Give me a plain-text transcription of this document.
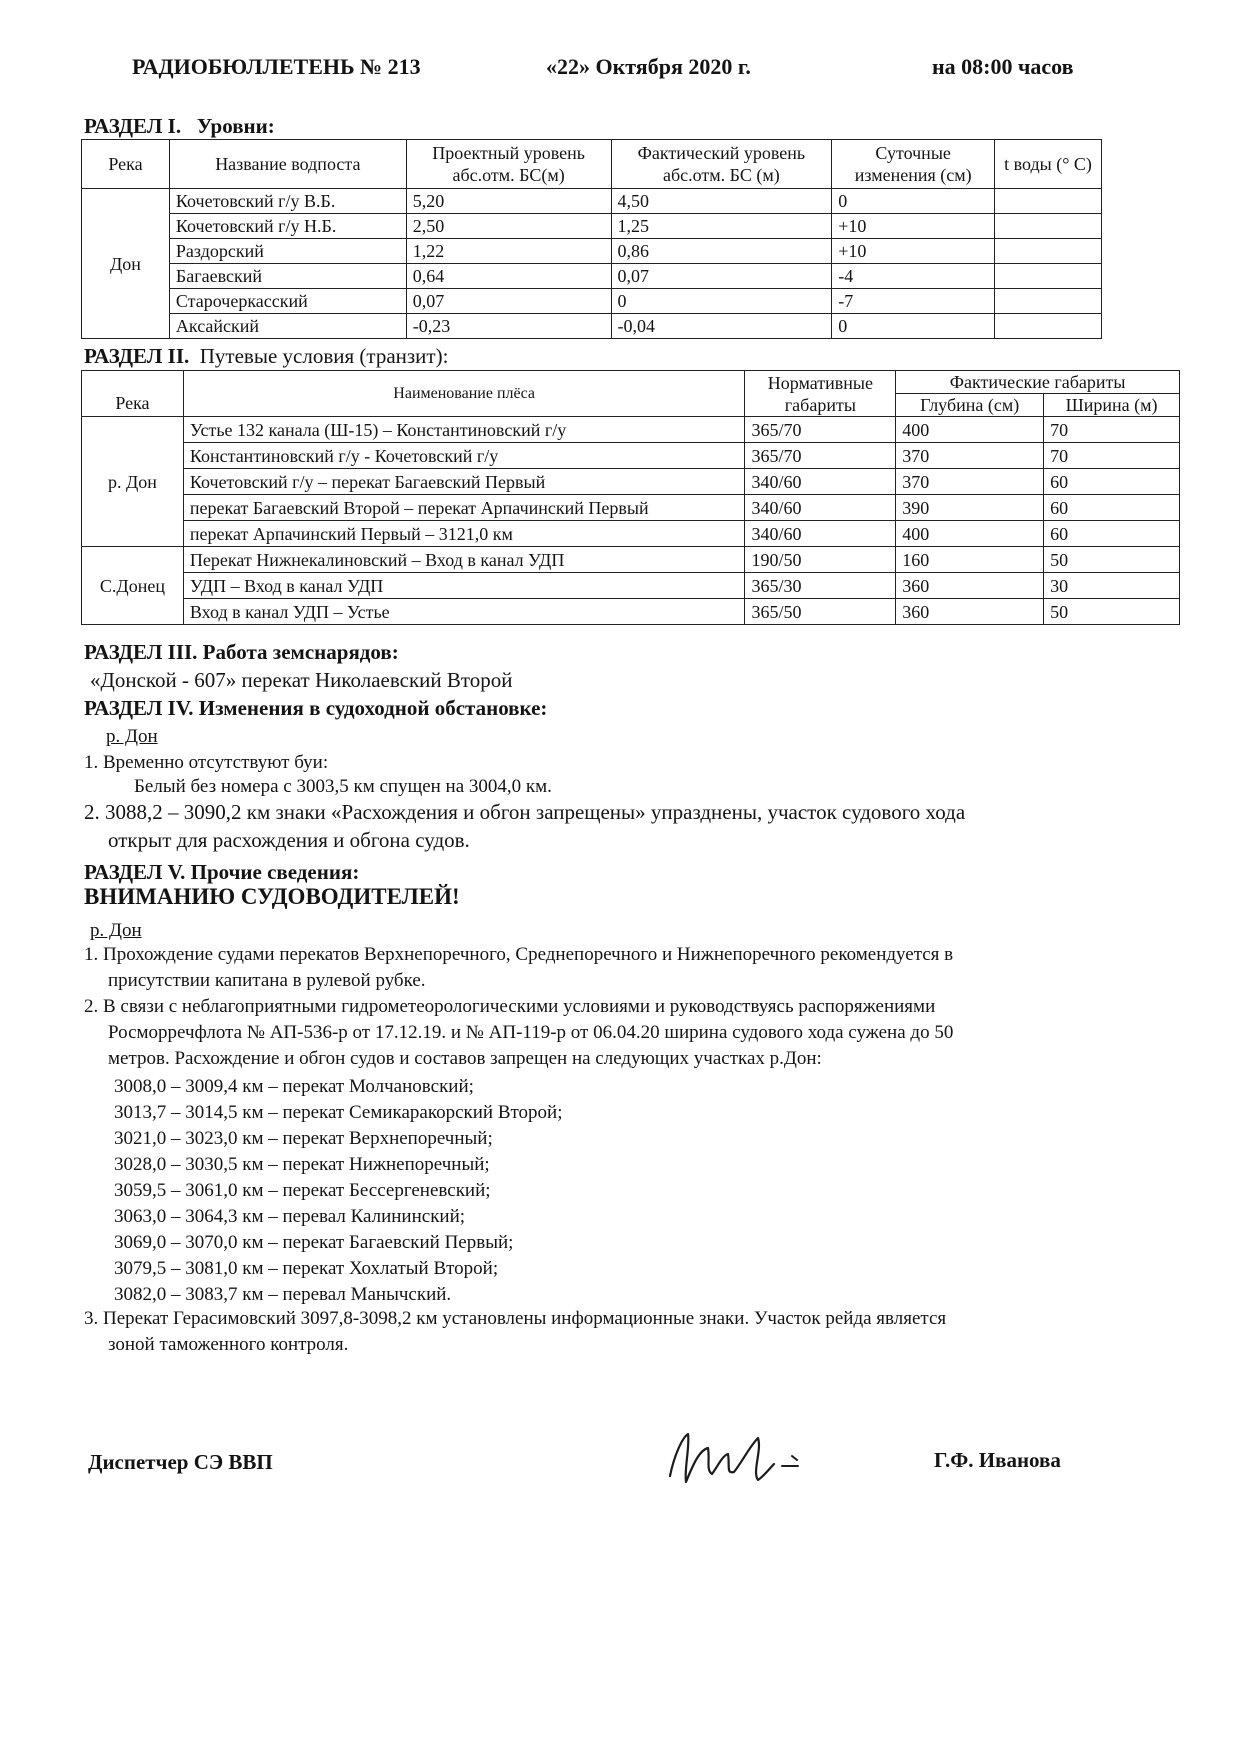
РАДИОБЮЛЛЕТЕНЬ № 213	«22» Октября 2020 г.	на 08:00 часов
РАЗДЕЛ I. Уровни:
Река	Название водпоста	Проектный уровень абс.отм. БС(м)	Фактический уровень абс.отм. БС (м)	Суточные изменения (см)	t воды (° С)
Дон	Кочетовский г/у В.Б.	5,20	4,50	0	
	Кочетовский г/у Н.Б.	2,50	1,25	+10	
	Раздорский	1,22	0,86	+10	
	Багаевский	0,64	0,07	-4	
	Старочеркасский	0,07	0	-7	
	Аксайский	-0,23	-0,04	0	
РАЗДЕЛ II. Путевые условия (транзит):
Река	Наименование плёса	Нормативные габариты	Фактические габариты	
			Глубина (см)	Ширина (м)
р. Дон	Устье 132 канала (Ш-15) – Константиновский г/у	365/70	400	70
	Константиновский г/у - Кочетовский г/у	365/70	370	70
	Кочетовский г/у – перекат Багаевский Первый	340/60	370	60
	перекат Багаевский Второй – перекат Арпачинский Первый	340/60	390	60
	перекат Арпачинский Первый – 3121,0 км	340/60	400	60
С.Донец	Перекат Нижнекалиновский – Вход в канал УДП	190/50	160	50
	УДП – Вход в канал УДП	365/30	360	30
	Вход в канал УДП – Устье	365/50	360	50
РАЗДЕЛ III. Работа земснарядов:
«Донской - 607» перекат Николаевский Второй
РАЗДЕЛ IV. Изменения в судоходной обстановке:
р. Дон
1. Временно отсутствуют буи:
Белый без номера с 3003,5 км спущен на 3004,0 км.
2. 3088,2 – 3090,2 км знаки «Расхождения и обгон запрещены» упразднены, участок судового хода
открыт для расхождения и обгона судов.
РАЗДЕЛ V. Прочие сведения:
ВНИМАНИЮ СУДОВОДИТЕЛЕЙ!
р. Дон
1. Прохождение судами перекатов Верхнепоречного, Среднепоречного и Нижнепоречного рекомендуется в
присутствии капитана в рулевой рубке.
2. В связи с неблагоприятными гидрометеорологическими условиями и руководствуясь распоряжениями
Росморречфлота № АП-536-р от 17.12.19. и № АП-119-р от 06.04.20 ширина судового хода сужена до 50
метров. Расхождение и обгон судов и составов запрещен на следующих участках р.Дон:
3008,0 – 3009,4 км – перекат Молчановский;
3013,7 – 3014,5 км – перекат Семикаракорский Второй;
3021,0 – 3023,0 км – перекат Верхнепоречный;
3028,0 – 3030,5 км – перекат Нижнепоречный;
3059,5 – 3061,0 км – перекат Бессергеневский;
3063,0 – 3064,3 км – перевал Калининский;
3069,0 – 3070,0 км – перекат Багаевский Первый;
3079,5 – 3081,0 км – перекат Хохлатый Второй;
3082,0 – 3083,7 км – перевал Манычский.
3. Перекат Герасимовский 3097,8-3098,2 км установлены информационные знаки. Участок рейда является
зоной таможенного контроля.
Диспетчер СЭ ВВП	Г.Ф. Иванова
